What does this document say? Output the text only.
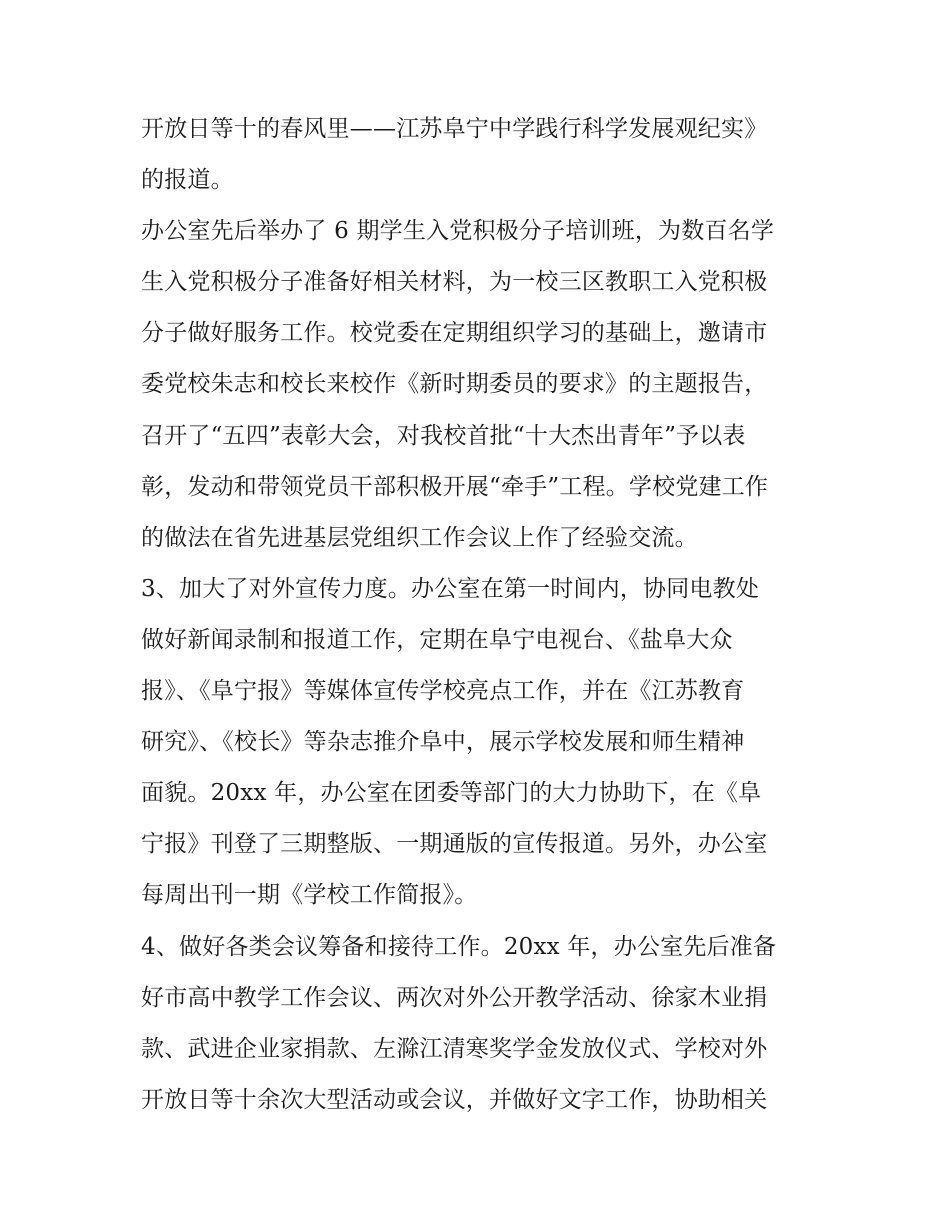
开放日等十的春风里——江苏阜宁中学践行科学发展观纪实》
的报道。
办公室先后举办了 6 期学生入党积极分子培训班，为数百名学
生入党积极分子准备好相关材料，为一校三区教职工入党积极
分子做好服务工作。校党委在定期组织学习的基础上，邀请市
委党校朱志和校长来校作《新时期委员的要求》的主题报告，
召开了“五四”表彰大会，对我校首批“十大杰出青年”予以表
彰，发动和带领党员干部积极开展“牵手”工程。学校党建工作
的做法在省先进基层党组织工作会议上作了经验交流。
3、加大了对外宣传力度。办公室在第一时间内，协同电教处
做好新闻录制和报道工作，定期在阜宁电视台、《盐阜大众
报》、《阜宁报》等媒体宣传学校亮点工作，并在《江苏教育
研究》、《校长》等杂志推介阜中，展示学校发展和师生精神
面貌。20xx 年，办公室在团委等部门的大力协助下，在《阜
宁报》刊登了三期整版、一期通版的宣传报道。另外，办公室
每周出刊一期《学校工作简报》。
4、做好各类会议筹备和接待工作。20xx 年，办公室先后准备
好市高中教学工作会议、两次对外公开教学活动、徐家木业捐
款、武进企业家捐款、左滁江清寒奖学金发放仪式、学校对外
开放日等十余次大型活动或会议，并做好文字工作，协助相关
